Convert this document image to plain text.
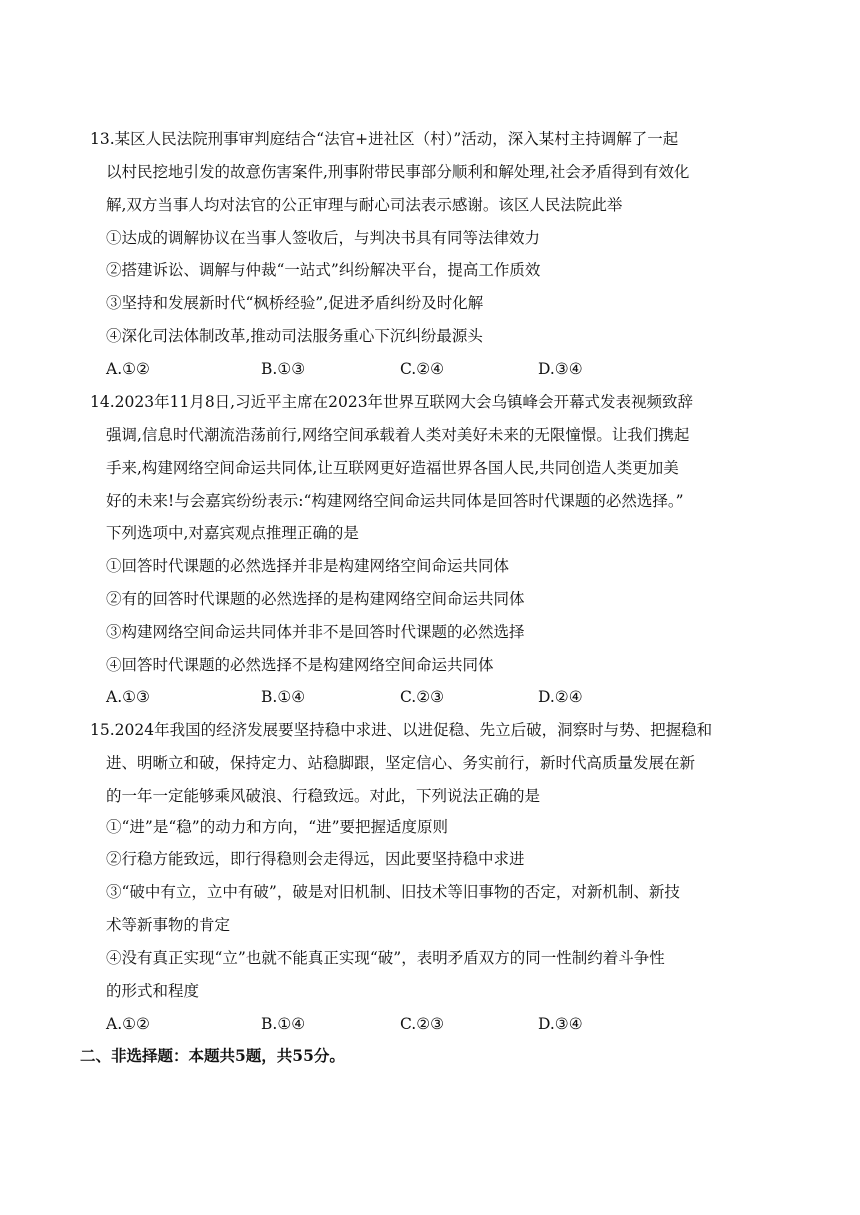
13.某区人民法院刑事审判庭结合“法官+进社区（村）”活动，深入某村主持调解了一起
以村民挖地引发的故意伤害案件,刑事附带民事部分顺利和解处理,社会矛盾得到有效化
解,双方当事人均对法官的公正审理与耐心司法表示感谢。该区人民法院此举
①达成的调解协议在当事人签收后，与判决书具有同等法律效力
②搭建诉讼、调解与仲裁“一站式”纠纷解决平台，提高工作质效
③坚持和发展新时代“枫桥经验”,促进矛盾纠纷及时化解
④深化司法体制改革,推动司法服务重心下沉纠纷最源头
A.①②	B.①③	C.②④	D.③④
14.2023年11月8日,习近平主席在2023年世界互联网大会乌镇峰会开幕式发表视频致辞
强调,信息时代潮流浩荡前行,网络空间承载着人类对美好未来的无限憧憬。让我们携起
手来,构建网络空间命运共同体,让互联网更好造福世界各国人民,共同创造人类更加美
好的未来!与会嘉宾纷纷表示:“构建网络空间命运共同体是回答时代课题的必然选择。”
下列选项中,对嘉宾观点推理正确的是
①回答时代课题的必然选择并非是构建网络空间命运共同体
②有的回答时代课题的必然选择的是构建网络空间命运共同体
③构建网络空间命运共同体并非不是回答时代课题的必然选择
④回答时代课题的必然选择不是构建网络空间命运共同体
A.①③	B.①④	C.②③	D.②④
15.2024年我国的经济发展要坚持稳中求进、以进促稳、先立后破，洞察时与势、把握稳和
进、明晰立和破，保持定力、站稳脚跟，坚定信心、务实前行，新时代高质量发展在新
的一年一定能够乘风破浪、行稳致远。对此，下列说法正确的是
①“进”是“稳”的动力和方向，“进”要把握适度原则
②行稳方能致远，即行得稳则会走得远，因此要坚持稳中求进
③“破中有立，立中有破”，破是对旧机制、旧技术等旧事物的否定，对新机制、新技
术等新事物的肯定
④没有真正实现“立”也就不能真正实现“破”，表明矛盾双方的同一性制约着斗争性
的形式和程度
A.①②	B.①④	C.②③	D.③④
二、非选择题：本题共5题，共55分。
